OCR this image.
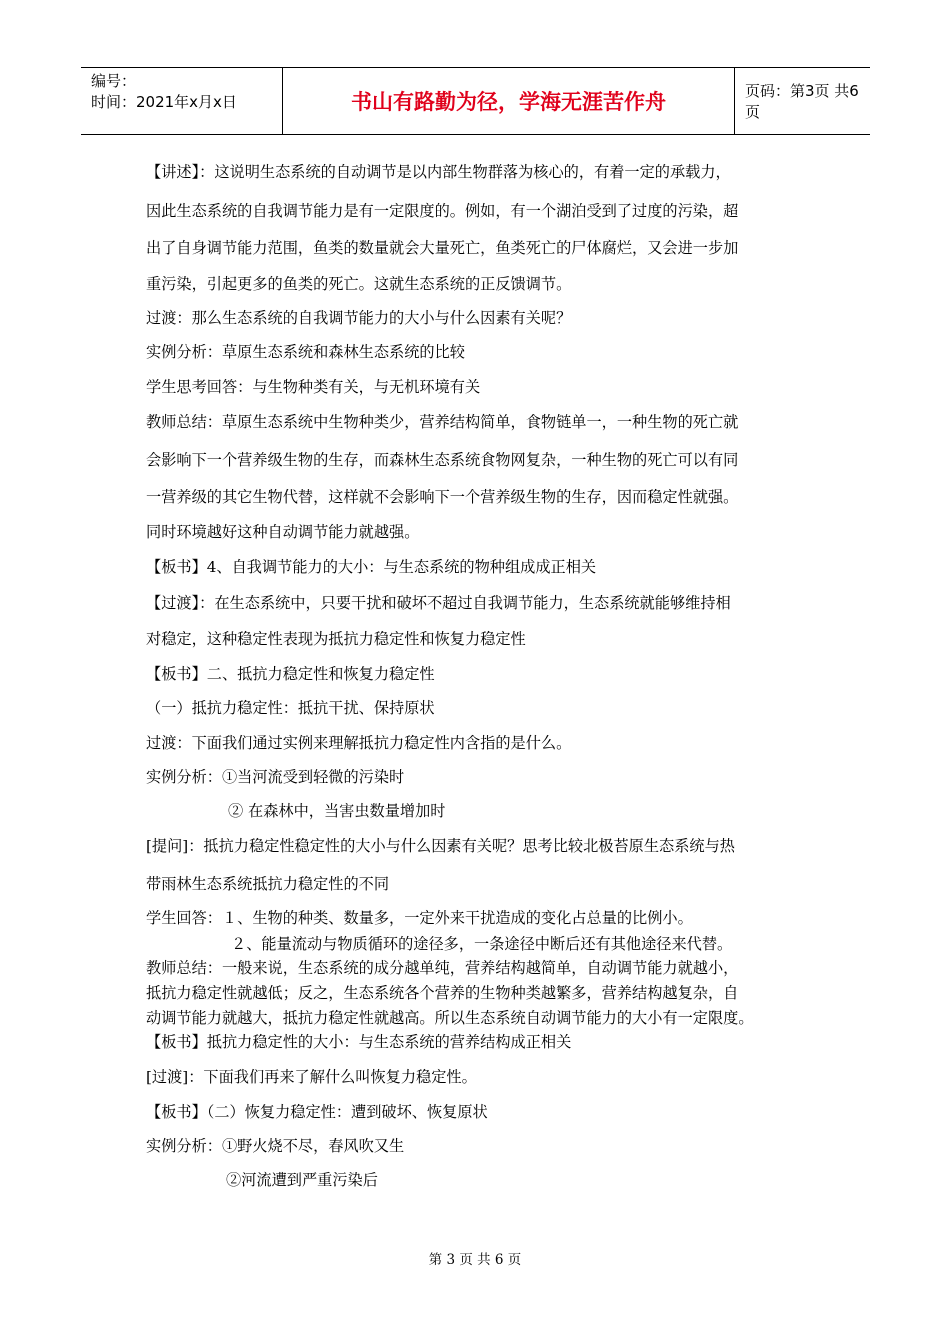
编号：
时间：2021年x月x日	书山有路勤为径，学海无涯苦作舟	页码：第3页 共6页
【讲述】：这说明生态系统的自动调节是以内部生物群落为核心的，有着一定的承载力，
因此生态系统的自我调节能力是有一定限度的。例如，有一个湖泊受到了过度的污染，超
出了自身调节能力范围，鱼类的数量就会大量死亡，鱼类死亡的尸体腐烂，又会进一步加
重污染，引起更多的鱼类的死亡。这就生态系统的正反馈调节。
过渡：那么生态系统的自我调节能力的大小与什么因素有关呢？
实例分析：草原生态系统和森林生态系统的比较
学生思考回答：与生物种类有关，与无机环境有关
教师总结：草原生态系统中生物种类少，营养结构简单，食物链单一，一种生物的死亡就
会影响下一个营养级生物的生存，而森林生态系统食物网复杂，一种生物的死亡可以有同
一营养级的其它生物代替，这样就不会影响下一个营养级生物的生存，因而稳定性就强。
同时环境越好这种自动调节能力就越强。
【板书】4、自我调节能力的大小：与生态系统的物种组成成正相关
【过渡】：在生态系统中，只要干扰和破坏不超过自我调节能力，生态系统就能够维持相
对稳定，这种稳定性表现为抵抗力稳定性和恢复力稳定性
【板书】二、抵抗力稳定性和恢复力稳定性
（一）抵抗力稳定性：抵抗干扰、保持原状
过渡：下面我们通过实例来理解抵抗力稳定性内含指的是什么。
实例分析：①当河流受到轻微的污染时
② 在森林中，当害虫数量增加时
[提问]：抵抗力稳定性稳定性的大小与什么因素有关呢？思考比较北极苔原生态系统与热
带雨林生态系统抵抗力稳定性的不同
学生回答：１、生物的种类、数量多，一定外来干扰造成的变化占总量的比例小。
２、能量流动与物质循环的途径多，一条途径中断后还有其他途径来代替。
教师总结：一般来说，生态系统的成分越单纯，营养结构越简单，自动调节能力就越小，
抵抗力稳定性就越低；反之，生态系统各个营养的生物种类越繁多，营养结构越复杂，自
动调节能力就越大，抵抗力稳定性就越高。所以生态系统自动调节能力的大小有一定限度。
【板书】抵抗力稳定性的大小：与生态系统的营养结构成正相关
[过渡]：下面我们再来了解什么叫恢复力稳定性。
【板书】（二）恢复力稳定性：遭到破坏、恢复原状
实例分析：①野火烧不尽，春风吹又生
②河流遭到严重污染后
第 3 页 共 6 页
